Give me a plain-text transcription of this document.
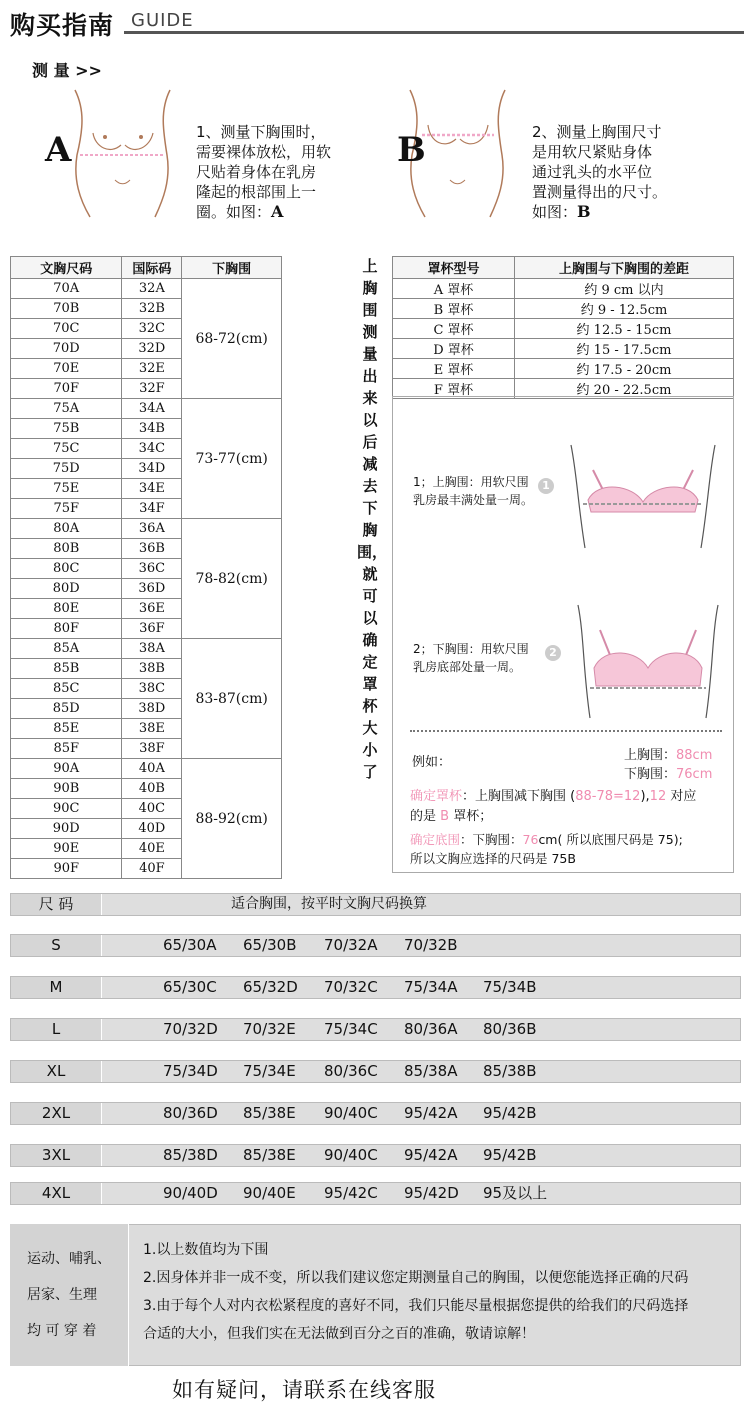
购买指南 GUIDE
测 量 >>
A	1、测量下胸围时，
需要裸体放松，用软
尺贴着身体在乳房
隆起的根部围上一
圈。如图：A
B	2、测量上胸围尺寸
是用软尺紧贴身体
通过乳头的水平位
置测量得出的尺寸。
如图：B
文胸尺码	国际码	下胸围
70A	32A	68-72(cm)
70B	32B	
70C	32C	
70D	32D	
70E	32E	
70F	32F	
75A	34A	73-77(cm)
75B	34B	
75C	34C	
75D	34D	
75E	34E	
75F	34F	
80A	36A	78-82(cm)
80B	36B	
80C	36C	
80D	36D	
80E	36E	
80F	36F	
85A	38A	83-87(cm)
85B	38B	
85C	38C	
85D	38D	
85E	38E	
85F	38F	
90A	40A	88-92(cm)
90B	40B	
90C	40C	
90D	40D	
90E	40E	
90F	40F	
上胸围测量出来以后减去下胸围，就可以确定罩杯大小了
罩杯型号	上胸围与下胸围的差距
A 罩杯	约 9 cm 以内
B 罩杯	约 9 - 12.5cm
C 罩杯	约 12.5 - 15cm
D 罩杯	约 15 - 17.5cm
E 罩杯	约 17.5 - 20cm
F 罩杯	约 20 - 22.5cm
1；上胸围：用软尺围
乳房最丰满处量一周。
1
2；下胸围：用软尺围
乳房底部处量一周。
2
例如：	上胸围：88cm
下胸围：76cm
确定罩杯：上胸围减下胸围 (88-78=12),12 对应
的是 B 罩杯；
确定底围：下胸围：76cm( 所以底围尺码是 75);
所以文胸应选择的尺码是 75B
尺 码	适合胸围，按平时文胸尺码换算
S	65/30A 65/30B 70/32A 70/32B
M	65/30C 65/32D 70/32C 75/34A 75/34B
L	70/32D 70/32E 75/34C 80/36A 80/36B
XL	75/34D 75/34E 80/36C 85/38A 85/38B
2XL	80/36D 85/38E 90/40C 95/42A 95/42B
3XL	85/38D 85/38E 90/40C 95/42A 95/42B
4XL	90/40D 90/40E 95/42C 95/42D 95及以上
运动、哺乳、
居家、生理
均 可 穿 着
1.以上数值均为下围
2.因身体并非一成不变，所以我们建议您定期测量自己的胸围，以便您能选择正确的尺码
3.由于每个人对内衣松紧程度的喜好不同，我们只能尽量根据您提供的给我们的尺码选择
合适的大小，但我们实在无法做到百分之百的准确，敬请谅解！
如有疑问，请联系在线客服
